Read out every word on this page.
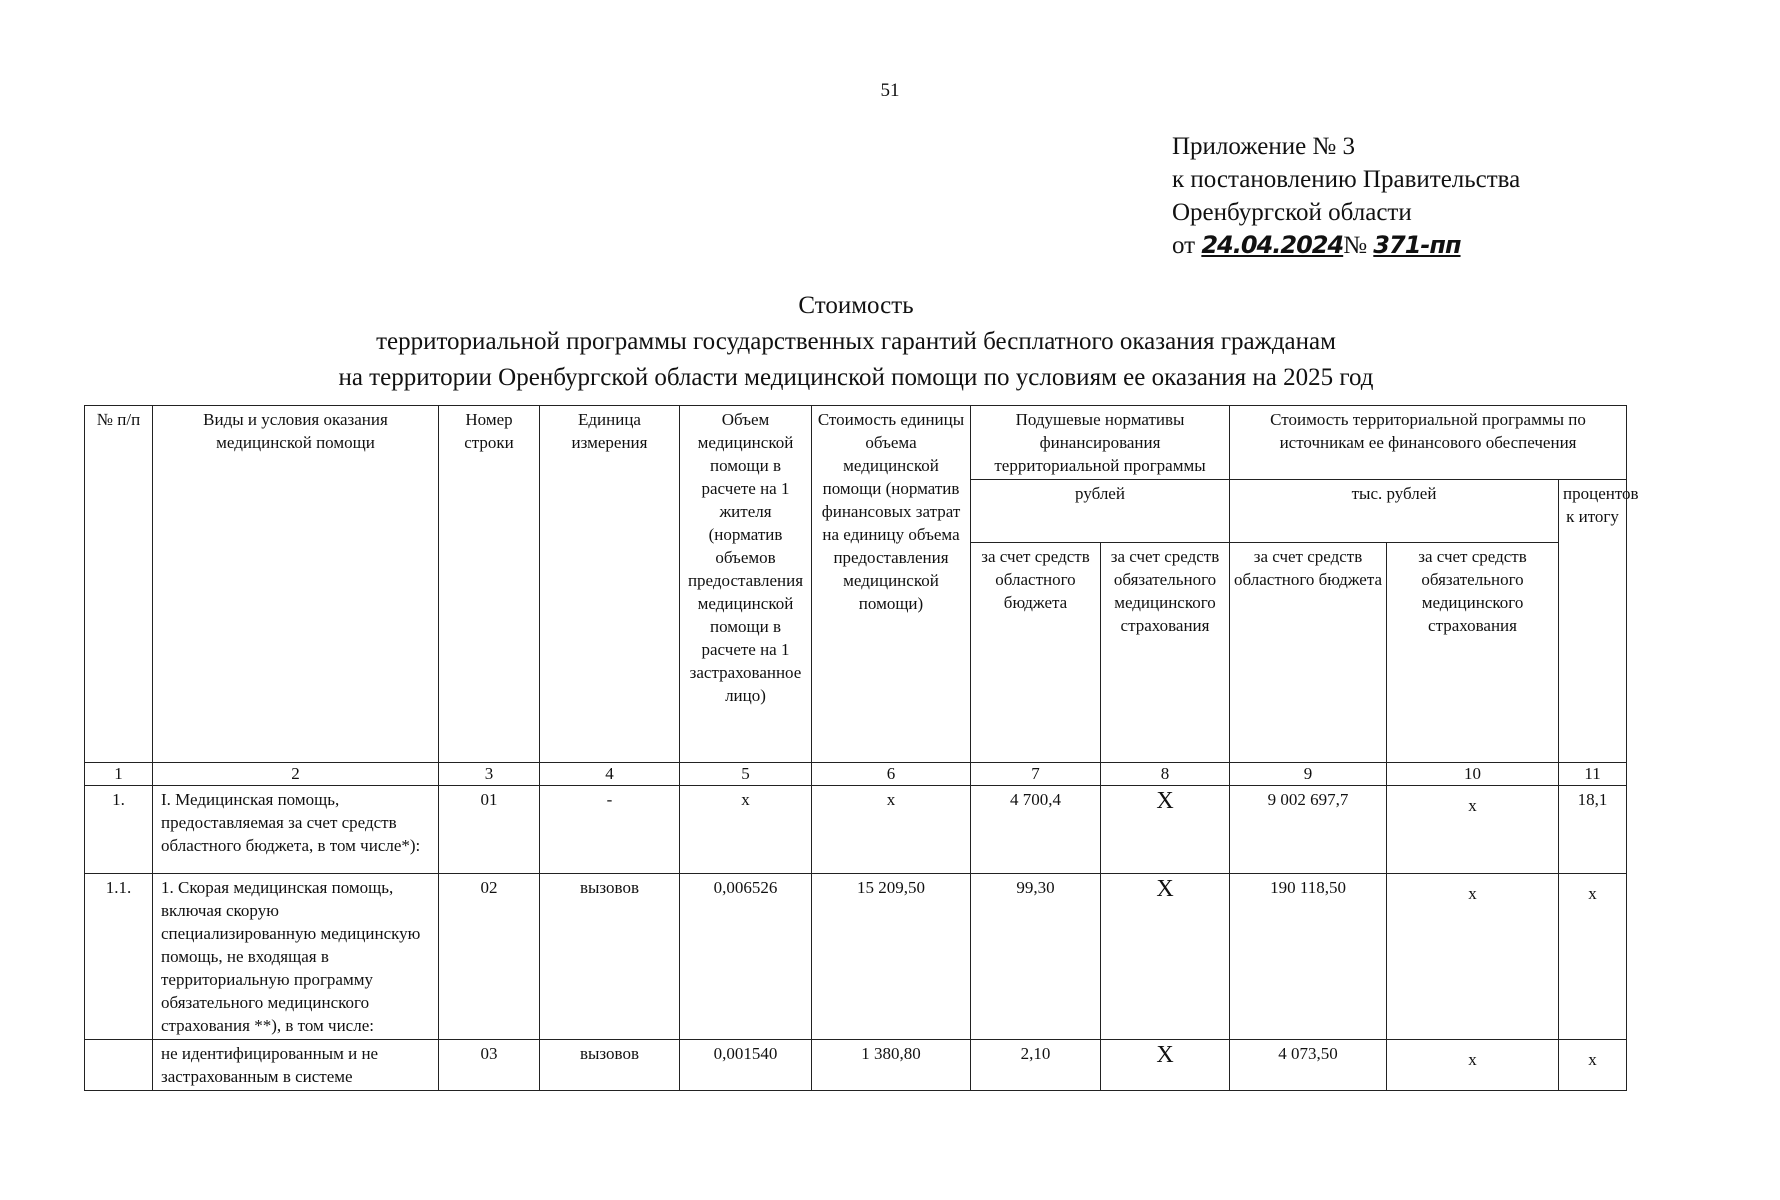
51
Приложение № 3
к постановлению Правительства
Оренбургской области
от 24.04.2024№ 371-пп
Стоимость
территориальной программы государственных гарантий бесплатного оказания гражданам
на территории Оренбургской области медицинской помощи по условиям ее оказания на 2025 год
№ п/п	Виды и условия оказания медицинской помощи	Номер строки	Единица измерения	Объем медицинской помощи в расчете на 1 жителя (норматив объемов предоставления медицинской помощи в расчете на 1 застрахованное лицо)	Стоимость единицы объема медицинской помощи (норматив финансовых затрат на единицу объема предоставления медицинской помощи)	Подушевые нормативы финансирования территориальной программы		Стоимость территориальной программы по источникам ее финансового обеспечения		
						рублей		тыс. рублей		процентов к итогу
								за счет средств областного бюджета	за счет средств обязательного медицинского страхования	
						за счет средств областного бюджета	за счет средств обязательного медицинского страхования			
1	2	3	4	5	6	7	8	9	10	11
1.	I. Медицинская помощь, предоставляемая за счет средств областного бюджета, в том числе*):	01	-	х	х	4 700,4	Х	9 002 697,7	х	18,1
1.1.	1. Скорая медицинская помощь, включая скорую специализированную медицинскую помощь, не входящая в территориальную программу обязательного медицинского страхования **), в том числе:	02	вызовов	0,006526	15 209,50	99,30	Х	190 118,50	х	х
	не идентифицированным и не застрахованным в системе	03	вызовов	0,001540	1 380,80	2,10	Х	4 073,50	х	х
